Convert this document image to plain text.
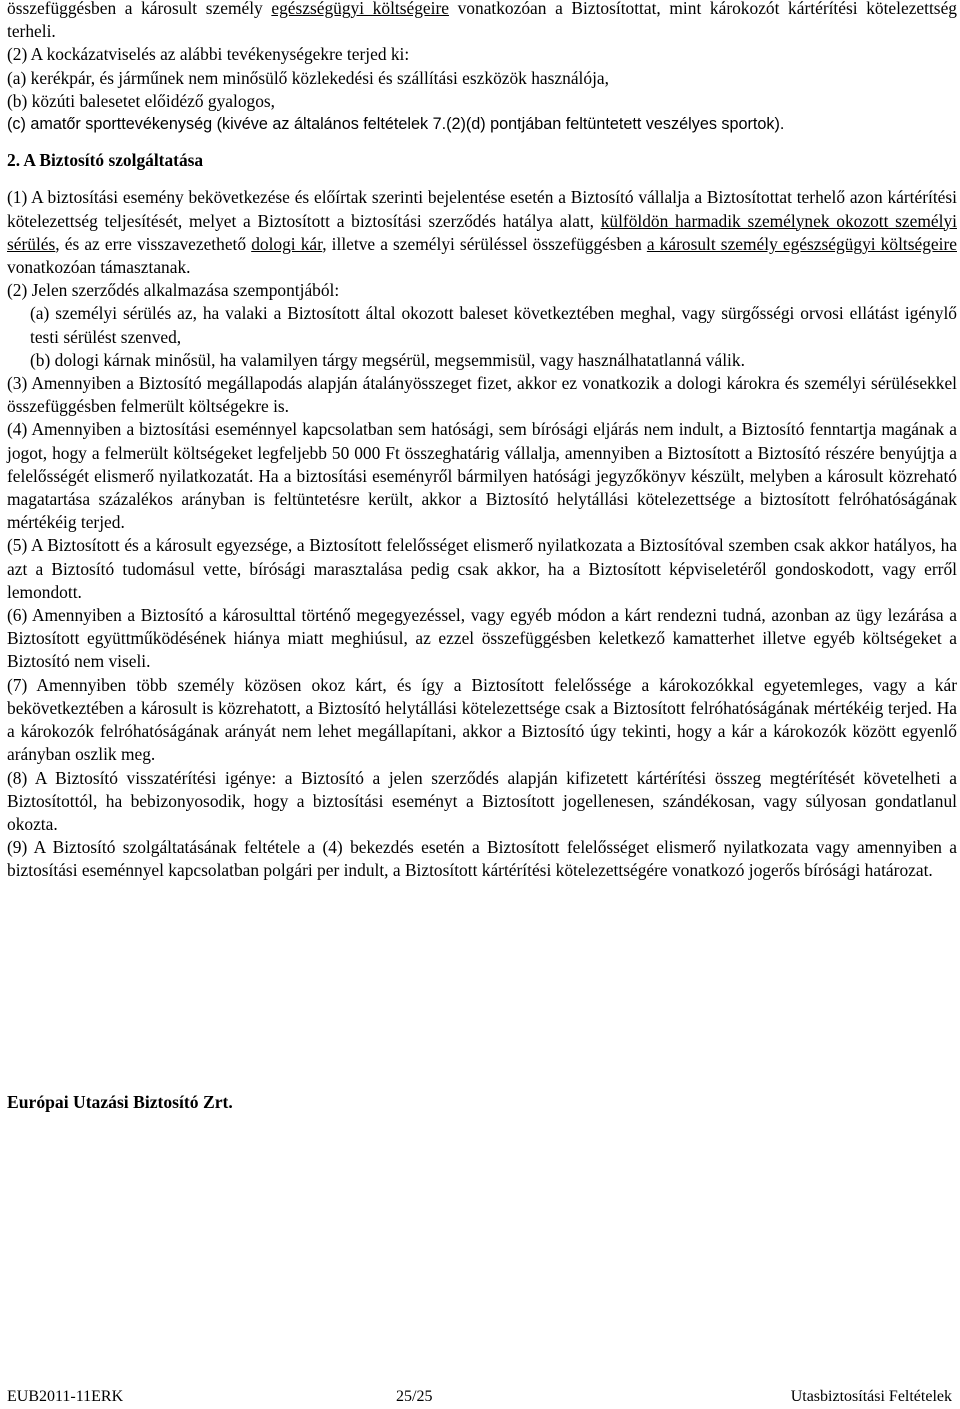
összefüggésben a károsult személy egészségügyi költségeire vonatkozóan a Biztosítottat, mint károkozót kártérítési kötelezettség terheli.

(2) A kockázatviselés az alábbi tevékenységekre terjed ki:

(a) kerékpár, és járműnek nem minősülő közlekedési és szállítási eszközök használója,

(b) közúti balesetet előidéző gyalogos,

(c) amatőr sporttevékenység (kivéve az általános feltételek 7.(2)(d) pontjában feltüntetett veszélyes sportok).

2. A Biztosító szolgáltatása

(1) A biztosítási esemény bekövetkezése és előírtak szerinti bejelentése esetén a Biztosító vállalja a Biztosítottat terhelő azon kártérítési kötelezettség teljesítését, melyet a Biztosított a biztosítási szerződés hatálya alatt, külföldön harmadik személynek okozott személyi sérülés, és az erre visszavezethető dologi kár, illetve a személyi sérüléssel összefüggésben a károsult személy egészségügyi költségeire vonatkozóan támasztanak.

(2) Jelen szerződés alkalmazása szempontjából:

(a) személyi sérülés az, ha valaki a Biztosított által okozott baleset következtében meghal, vagy sürgősségi orvosi ellátást igénylő testi sérülést szenved,

(b) dologi kárnak minősül, ha valamilyen tárgy megsérül, megsemmisül, vagy használhatatlanná válik.

(3) Amennyiben a Biztosító megállapodás alapján átalányösszeget fizet, akkor ez vonatkozik a dologi károkra és személyi sérülésekkel összefüggésben felmerült költségekre is.

(4) Amennyiben a biztosítási eseménnyel kapcsolatban sem hatósági, sem bírósági eljárás nem indult, a Biztosító fenntartja magának a jogot, hogy a felmerült költségeket legfeljebb 50 000 Ft összeghatárig vállalja, amennyiben a Biztosított a Biztosító részére benyújtja a felelősségét elismerő nyilatkozatát. Ha a biztosítási eseményről bármilyen hatósági jegyzőkönyv készült, melyben a károsult közreható magatartása százalékos arányban is feltüntetésre került, akkor a Biztosító helytállási kötelezettsége a biztosított felróhatóságának mértékéig terjed.

(5) A Biztosított és a károsult egyezsége, a Biztosított felelősséget elismerő nyilatkozata a Biztosítóval szemben csak akkor hatályos, ha azt a Biztosító tudomásul vette, bírósági marasztalása pedig csak akkor, ha a Biztosított képviseletéről gondoskodott, vagy erről lemondott.

(6) Amennyiben a Biztosító a károsulttal történő megegyezéssel, vagy egyéb módon a kárt rendezni tudná, azonban az ügy lezárása a Biztosított együttműködésének hiánya miatt meghiúsul, az ezzel összefüggésben keletkező kamatterhet illetve egyéb költségeket a Biztosító nem viseli.

(7) Amennyiben több személy közösen okoz kárt, és így a Biztosított felelőssége a károkozókkal egyetemleges, vagy a kár bekövetkeztében a károsult is közrehatott, a Biztosító helytállási kötelezettsége csak a Biztosított felróhatóságának mértékéig terjed. Ha a károkozók felróhatóságának arányát nem lehet megállapítani, akkor a Biztosító úgy tekinti, hogy a kár a károkozók között egyenlő arányban oszlik meg.

(8) A Biztosító visszatérítési igénye: a Biztosító a jelen szerződés alapján kifizetett kártérítési összeg megtérítését követelheti a Biztosítottól, ha bebizonyosodik, hogy a biztosítási eseményt a Biztosított jogellenesen, szándékosan, vagy súlyosan gondatlanul okozta.

(9) A Biztosító szolgáltatásának feltétele a (4) bekezdés esetén a Biztosított felelősséget elismerő nyilatkozata vagy amennyiben a biztosítási eseménnyel kapcsolatban polgári per indult, a Biztosított kártérítési kötelezettségére vonatkozó jogerős bírósági határozat.

Európai Utazási Biztosító Zrt.
EUB2011-11ERK	25/25	Utasbiztosítási Feltételek
